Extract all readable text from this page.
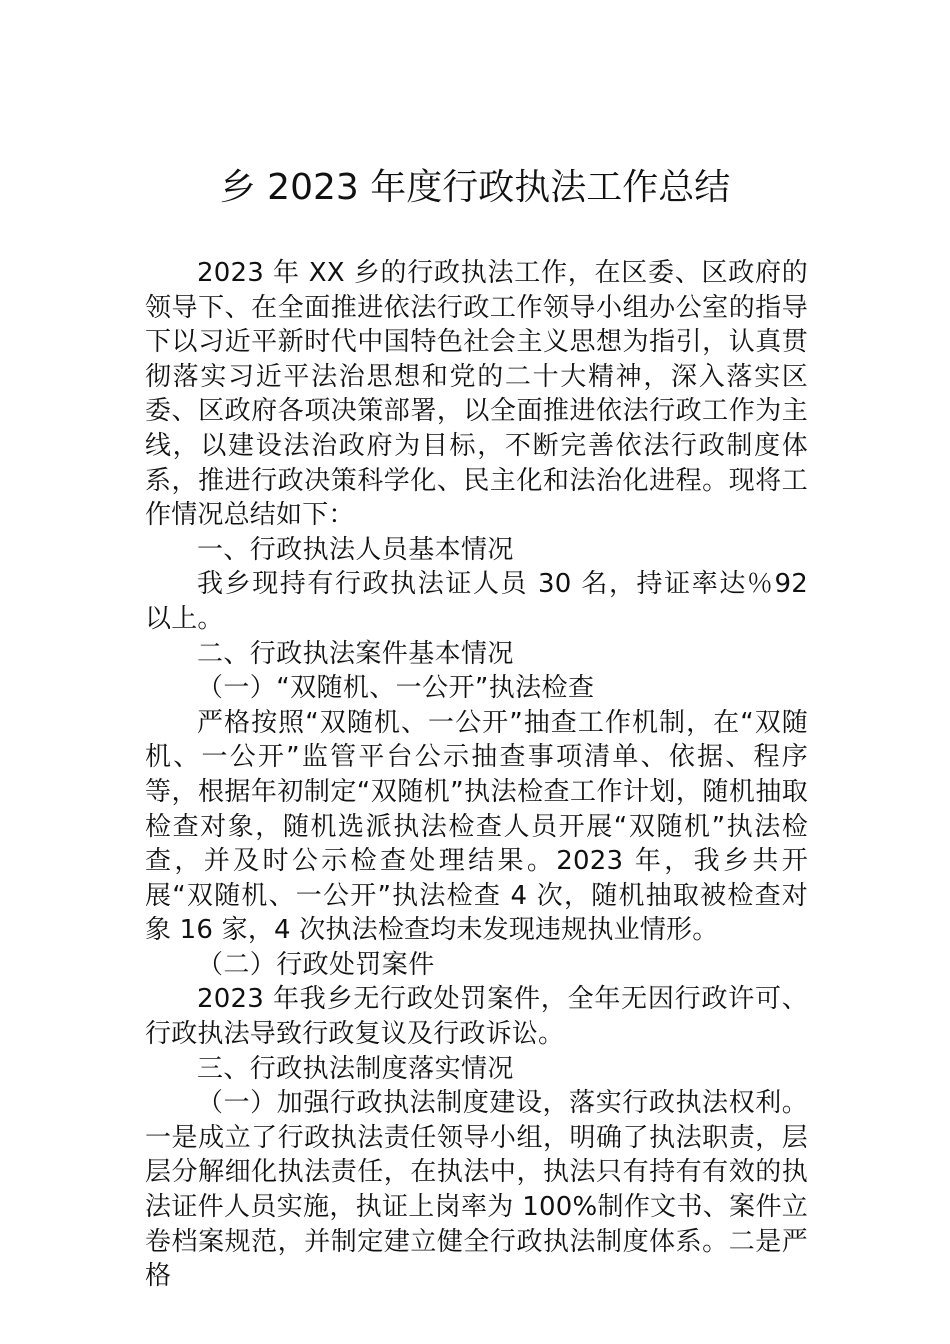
乡 2023 年度行政执法工作总结

2023 年 XX 乡的行政执法工作，在区委、区政府的领导下、在全面推进依法行政工作领导小组办公室的指导下以习近平新时代中国特色社会主义思想为指引，认真贯彻落实习近平法治思想和党的二十大精神，深入落实区委、区政府各项决策部署，以全面推进依法行政工作为主线，以建设法治政府为目标，不断完善依法行政制度体系，推进行政决策科学化、民主化和法治化进程。现将工作情况总结如下：

一、行政执法人员基本情况

我乡现持有行政执法证人员 30 名，持证率达％92 以上。

二、行政执法案件基本情况

（一）“双随机、一公开”执法检查

严格按照“双随机、一公开”抽查工作机制，在“双随机、一公开”监管平台公示抽查事项清单、依据、程序等，根据年初制定“双随机”执法检查工作计划，随机抽取检查对象，随机选派执法检查人员开展“双随机”执法检查，并及时公示检查处理结果。2023 年，我乡共开展“双随机、一公开”执法检查 4 次，随机抽取被检查对象 16 家，4 次执法检查均未发现违规执业情形。

（二）行政处罚案件

2023 年我乡无行政处罚案件，全年无因行政许可、行政执法导致行政复议及行政诉讼。

三、行政执法制度落实情况

（一）加强行政执法制度建设，落实行政执法权利。一是成立了行政执法责任领导小组，明确了执法职责，层层分解细化执法责任，在执法中，执法只有持有有效的执法证件人员实施，执证上岗率为 100%制作文书、案件立卷档案规范，并制定建立健全行政执法制度体系。二是严格
